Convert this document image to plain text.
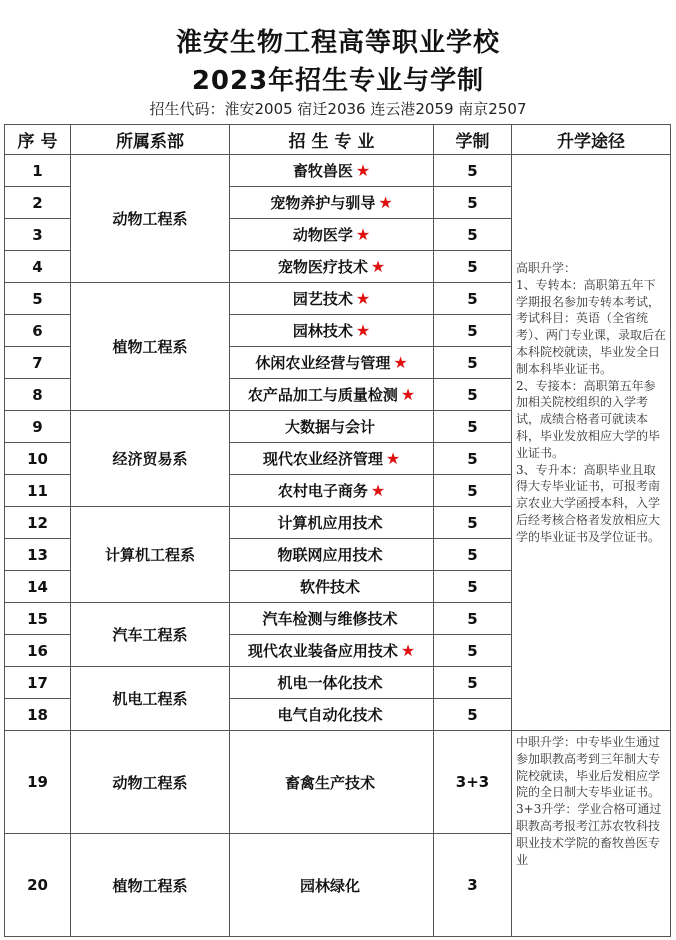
淮安生物工程高等职业学校
2023年招生专业与学制
招生代码：淮安2005 宿迁2036 连云港2059 南京2507
序 号	所属系部	招 生 专 业	学制	升学途径
1	动物工程系	畜牧兽医 ★	5	高职升学：
1、专转本：高职第五年下学期报名参加专转本考试，考试科目：英语（全省统考）、两门专业课，录取后在本科院校就读，毕业发全日制本科毕业证书。
2、专接本：高职第五年参加相关院校组织的入学考试，成绩合格者可就读本科，毕业发放相应大学的毕业证书。
3、专升本：高职毕业且取得大专毕业证书，可报考南京农业大学函授本科，入学后经考核合格者发放相应大学的毕业证书及学位证书。

2		宠物养护与驯导 ★	5	
3		动物医学 ★	5	
4		宠物医疗技术 ★	5	
5	植物工程系	园艺技术 ★	5	
6		园林技术 ★	5	
7		休闲农业经营与管理 ★	5	
8		农产品加工与质量检测 ★	5	
9	经济贸易系	大数据与会计	5	
10		现代农业经济管理 ★	5	
11		农村电子商务 ★	5	
12	计算机工程系	计算机应用技术	5	
13		物联网应用技术	5	
14		软件技术	5	
15	汽车工程系	汽车检测与维修技术	5	
16		现代农业装备应用技术 ★	5	
17	机电工程系	机电一体化技术	5	
18		电气自动化技术	5	
19	动物工程系	畜禽生产技术	3+3	中职升学：中专毕业生通过参加职教高考到三年制大专院校就读，毕业后发相应学院的全日制大专毕业证书。
3+3升学：学业合格可通过职教高考报考江苏农牧科技职业技术学院的畜牧兽医专业

20	植物工程系	园林绿化	3	
